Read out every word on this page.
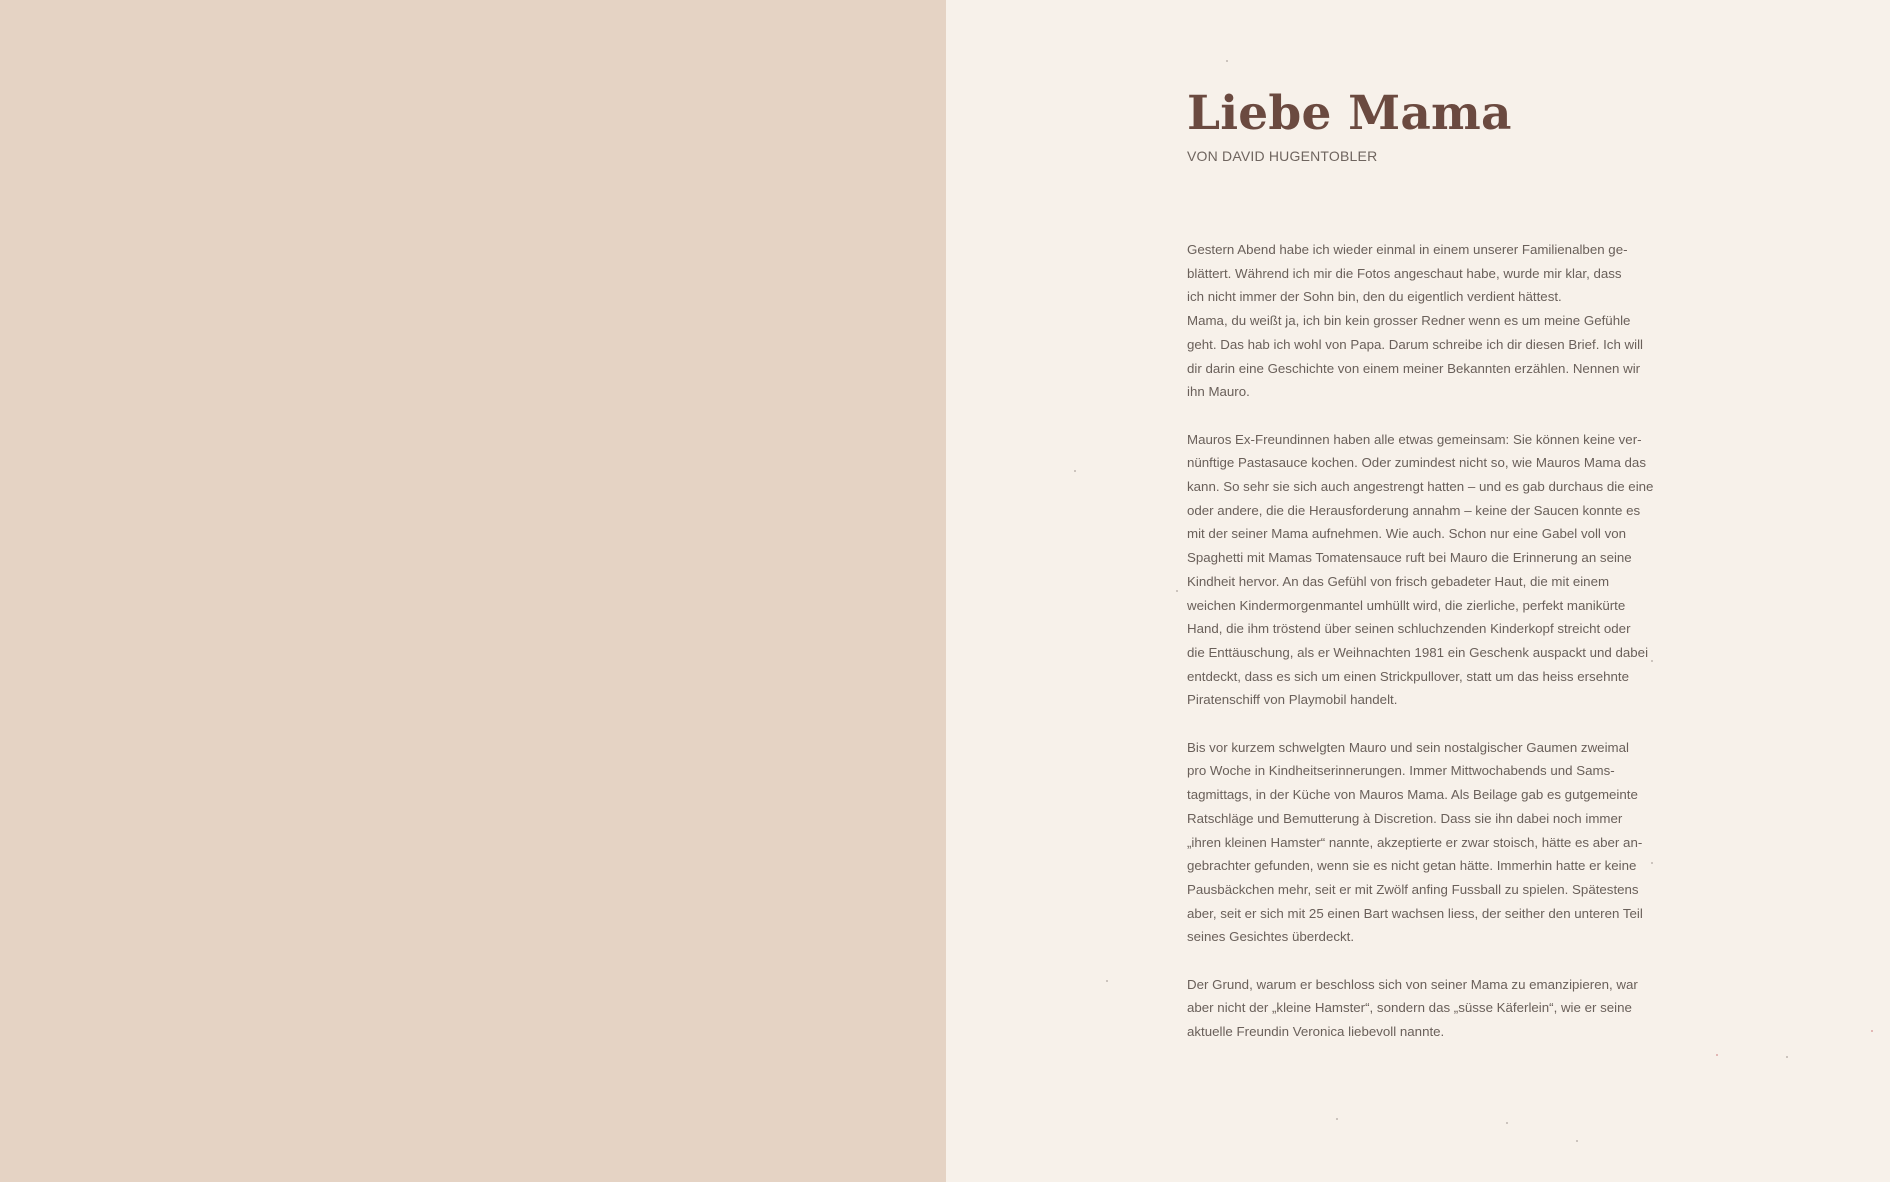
Liebe Mama

VON DAVID HUGENTOBLER

Gestern Abend habe ich wieder einmal in einem unserer Familienalben ge-
blättert. Während ich mir die Fotos angeschaut habe, wurde mir klar, dass
ich nicht immer der Sohn bin, den du eigentlich verdient hättest.
Mama, du weißt ja, ich bin kein grosser Redner wenn es um meine Gefühle
geht. Das hab ich wohl von Papa. Darum schreibe ich dir diesen Brief. Ich will
dir darin eine Geschichte von einem meiner Bekannten erzählen. Nennen wir
ihn Mauro.

Mauros Ex-Freundinnen haben alle etwas gemeinsam: Sie können keine ver-
nünftige Pastasauce kochen. Oder zumindest nicht so, wie Mauros Mama das
kann. So sehr sie sich auch angestrengt hatten – und es gab durchaus die eine
oder andere, die die Herausforderung annahm – keine der Saucen konnte es
mit der seiner Mama aufnehmen. Wie auch. Schon nur eine Gabel voll von
Spaghetti mit Mamas Tomatensauce ruft bei Mauro die Erinnerung an seine
Kindheit hervor. An das Gefühl von frisch gebadeter Haut, die mit einem
weichen Kindermorgenmantel umhüllt wird, die zierliche, perfekt manikürte
Hand, die ihm tröstend über seinen schluchzenden Kinderkopf streicht oder
die Enttäuschung, als er Weihnachten 1981 ein Geschenk auspackt und dabei
entdeckt, dass es sich um einen Strickpullover, statt um das heiss ersehnte
Piratenschiff von Playmobil handelt.

Bis vor kurzem schwelgten Mauro und sein nostalgischer Gaumen zweimal
pro Woche in Kindheitserinnerungen. Immer Mittwochabends und Sams-
tagmittags, in der Küche von Mauros Mama. Als Beilage gab es gutgemeinte
Ratschläge und Bemutterung à Discretion. Dass sie ihn dabei noch immer
„ihren kleinen Hamster“ nannte, akzeptierte er zwar stoisch, hätte es aber an-
gebrachter gefunden, wenn sie es nicht getan hätte. Immerhin hatte er keine
Pausbäckchen mehr, seit er mit Zwölf anfing Fussball zu spielen. Spätestens
aber, seit er sich mit 25 einen Bart wachsen liess, der seither den unteren Teil
seines Gesichtes überdeckt.

Der Grund, warum er beschloss sich von seiner Mama zu emanzipieren, war
aber nicht der „kleine Hamster“, sondern das „süsse Käferlein“, wie er seine
aktuelle Freundin Veronica liebevoll nannte.
